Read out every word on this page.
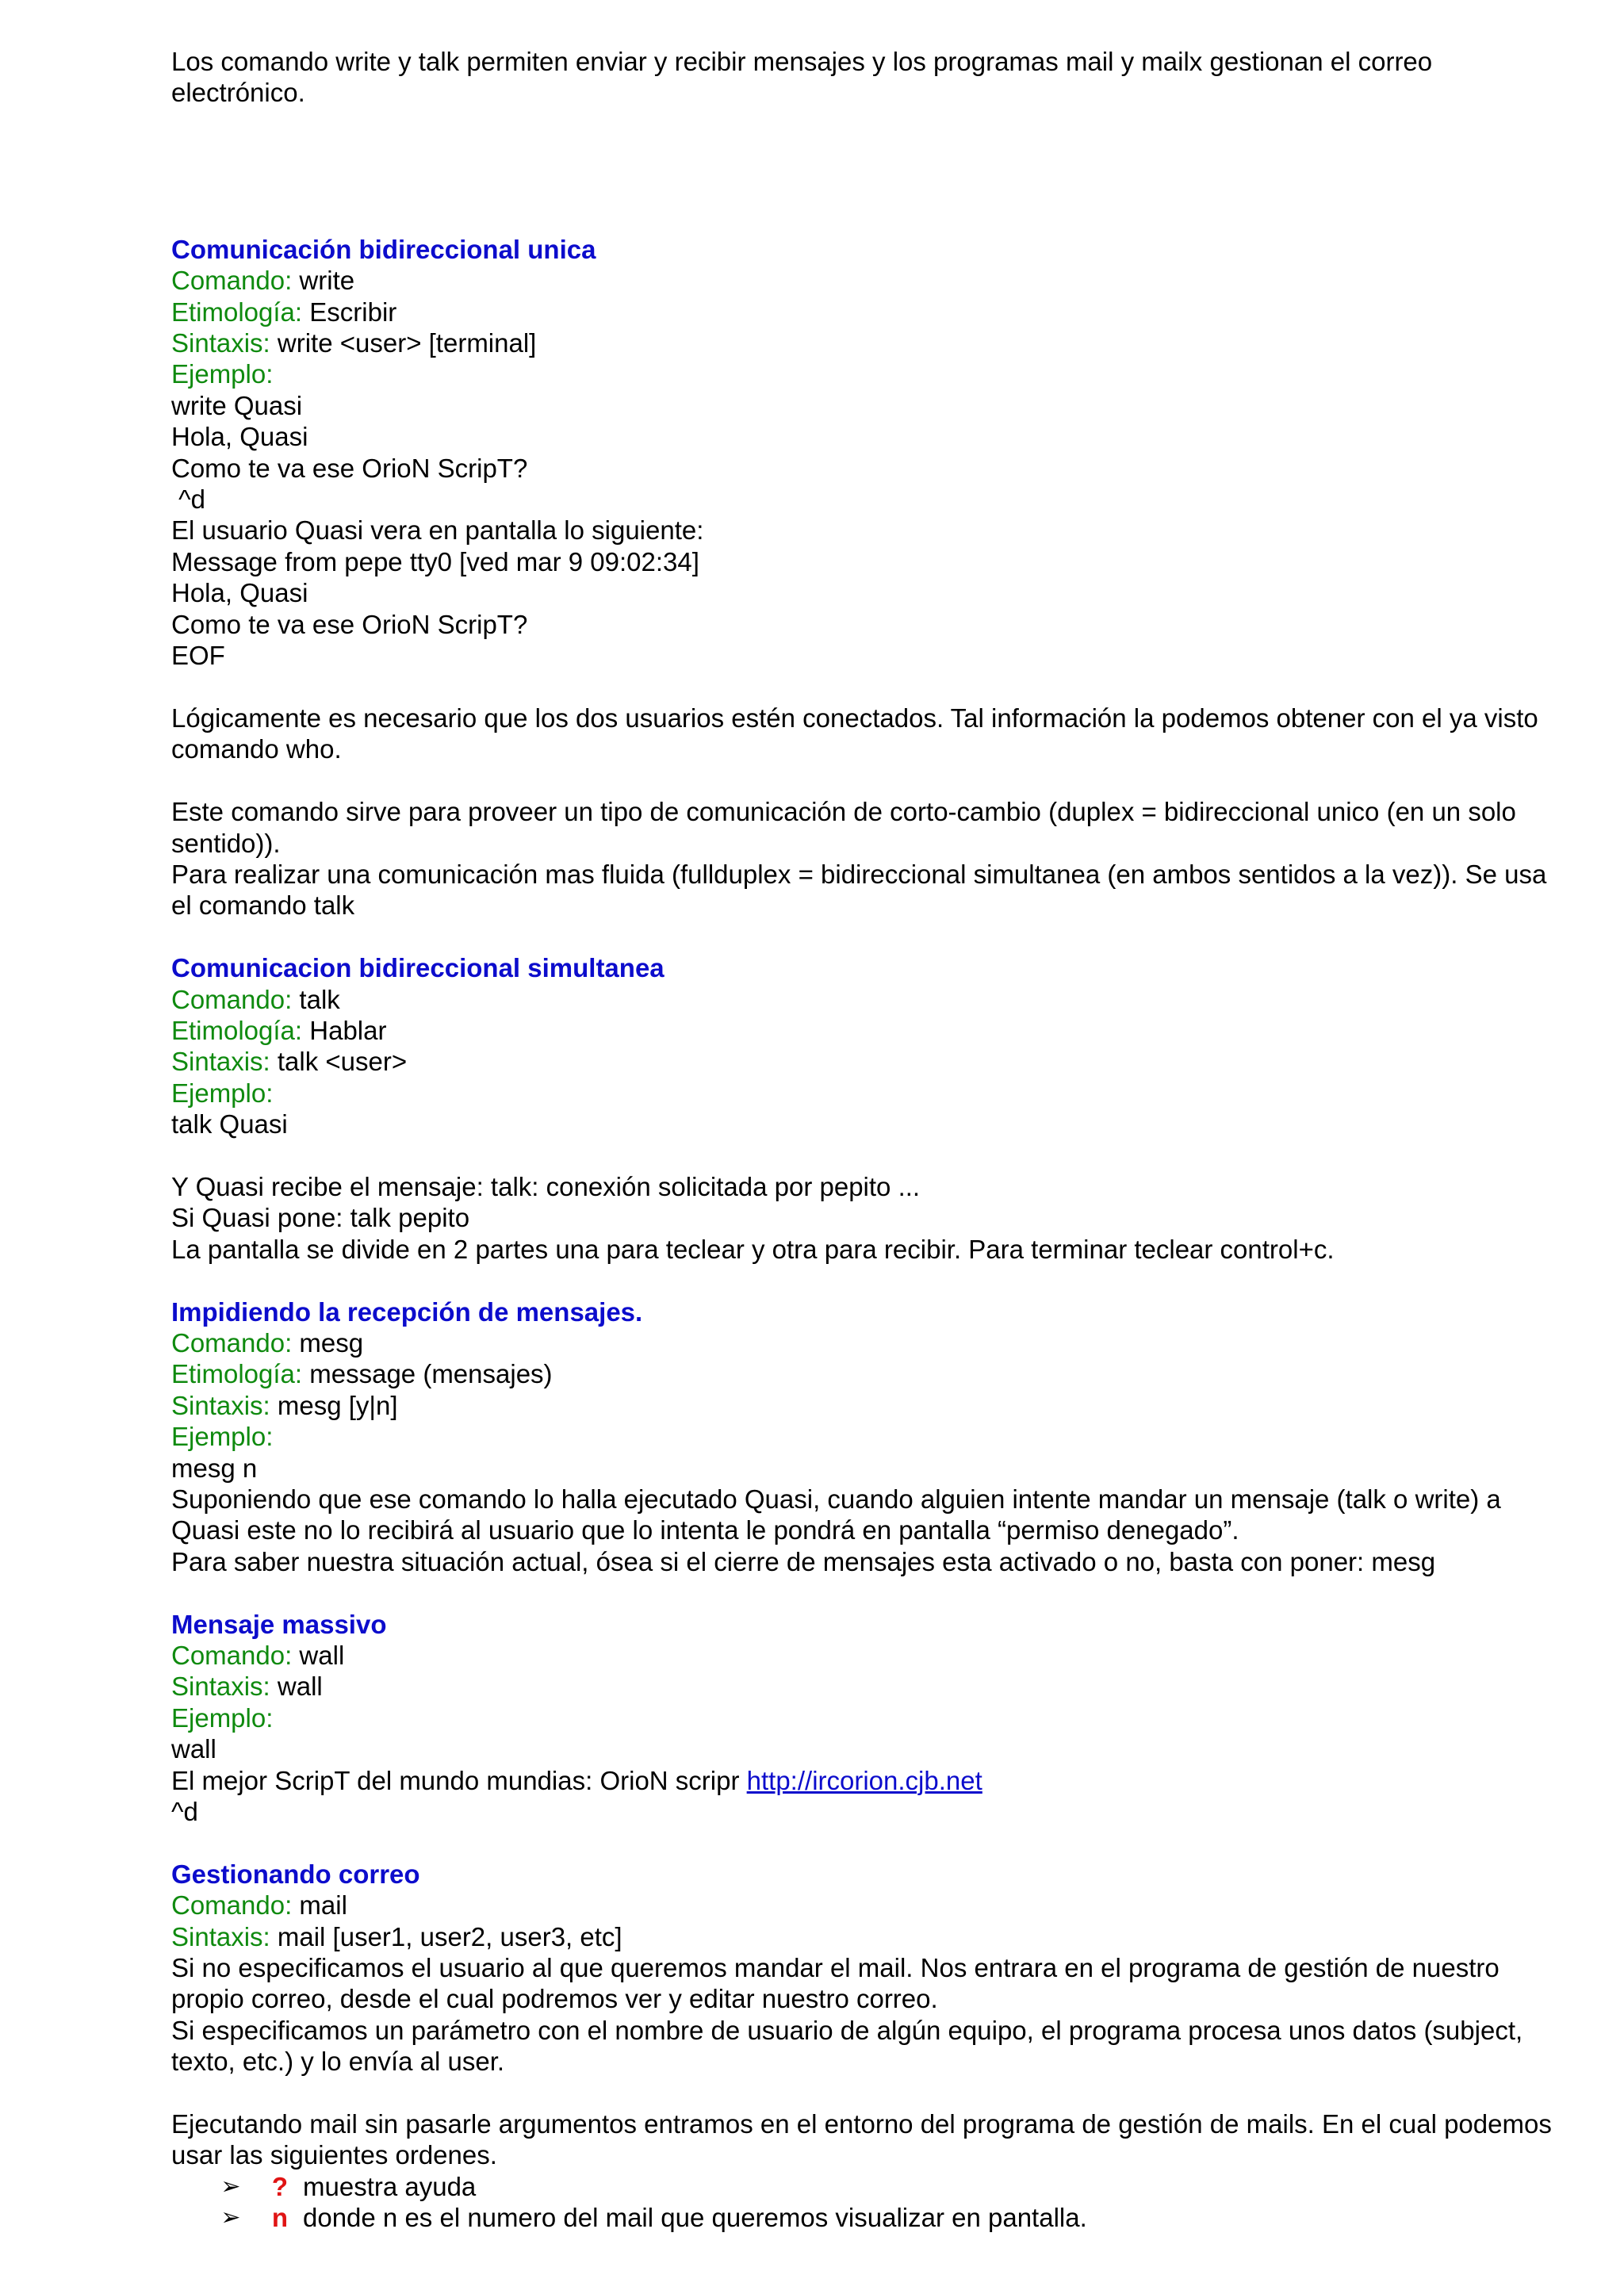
Los comando write y talk permiten enviar y recibir mensajes y los programas mail y mailx gestionan el correo electrónico.
Comunicación bidireccional unica
Comando: write
Etimología: Escribir
Sintaxis: write <user> [terminal]
Ejemplo:
write Quasi
Hola, Quasi
Como te va ese OrioN ScripT?
^d
El usuario Quasi vera en pantalla lo siguiente:
Message from pepe tty0 [ved mar 9 09:02:34]
Hola, Quasi
Como te va ese OrioN ScripT?
EOF
Lógicamente es necesario que los dos usuarios estén conectados. Tal información la podemos obtener con el ya visto comando who.
Este comando sirve para proveer un tipo de comunicación de corto-cambio (duplex = bidireccional unico (en un solo sentido)).
Para realizar una comunicación mas fluida (fullduplex = bidireccional simultanea (en ambos sentidos a la vez)). Se usa el comando talk
Comunicacion bidireccional simultanea
Comando: talk
Etimología: Hablar
Sintaxis: talk <user>
Ejemplo:
talk Quasi
Y Quasi recibe el mensaje: talk: conexión solicitada por pepito ...
Si Quasi pone: talk pepito
La pantalla se divide en 2 partes una para teclear y otra para recibir. Para terminar teclear control+c.
Impidiendo la recepción de mensajes.
Comando: mesg
Etimología: message (mensajes)
Sintaxis: mesg [y|n]
Ejemplo:
mesg n
Suponiendo que ese comando lo halla ejecutado Quasi, cuando alguien intente mandar un mensaje (talk o write) a Quasi este no lo recibirá al usuario que lo intenta le pondrá en pantalla “permiso denegado”.
Para saber nuestra situación actual, ósea si el cierre de mensajes esta activado o no, basta con poner: mesg
Mensaje massivo
Comando: wall
Sintaxis: wall
Ejemplo:
wall
El mejor ScripT del mundo mundias: OrioN scripr http://ircorion.cjb.net
^d
Gestionando correo
Comando: mail
Sintaxis: mail [user1, user2, user3, etc]
Si no especificamos el usuario al que queremos mandar el mail. Nos entrara en el programa de gestión de nuestro propio correo, desde el cual podremos ver y editar nuestro correo.
Si especificamos un parámetro con el nombre de usuario de algún equipo, el programa procesa unos datos (subject, texto, etc.) y lo envía al user.
Ejecutando mail sin pasarle argumentos entramos en el entorno del programa de gestión de mails. En el cual podemos usar las siguientes ordenes.
➢ ? muestra ayuda
➢ n donde n es el numero del mail que queremos visualizar en pantalla.
